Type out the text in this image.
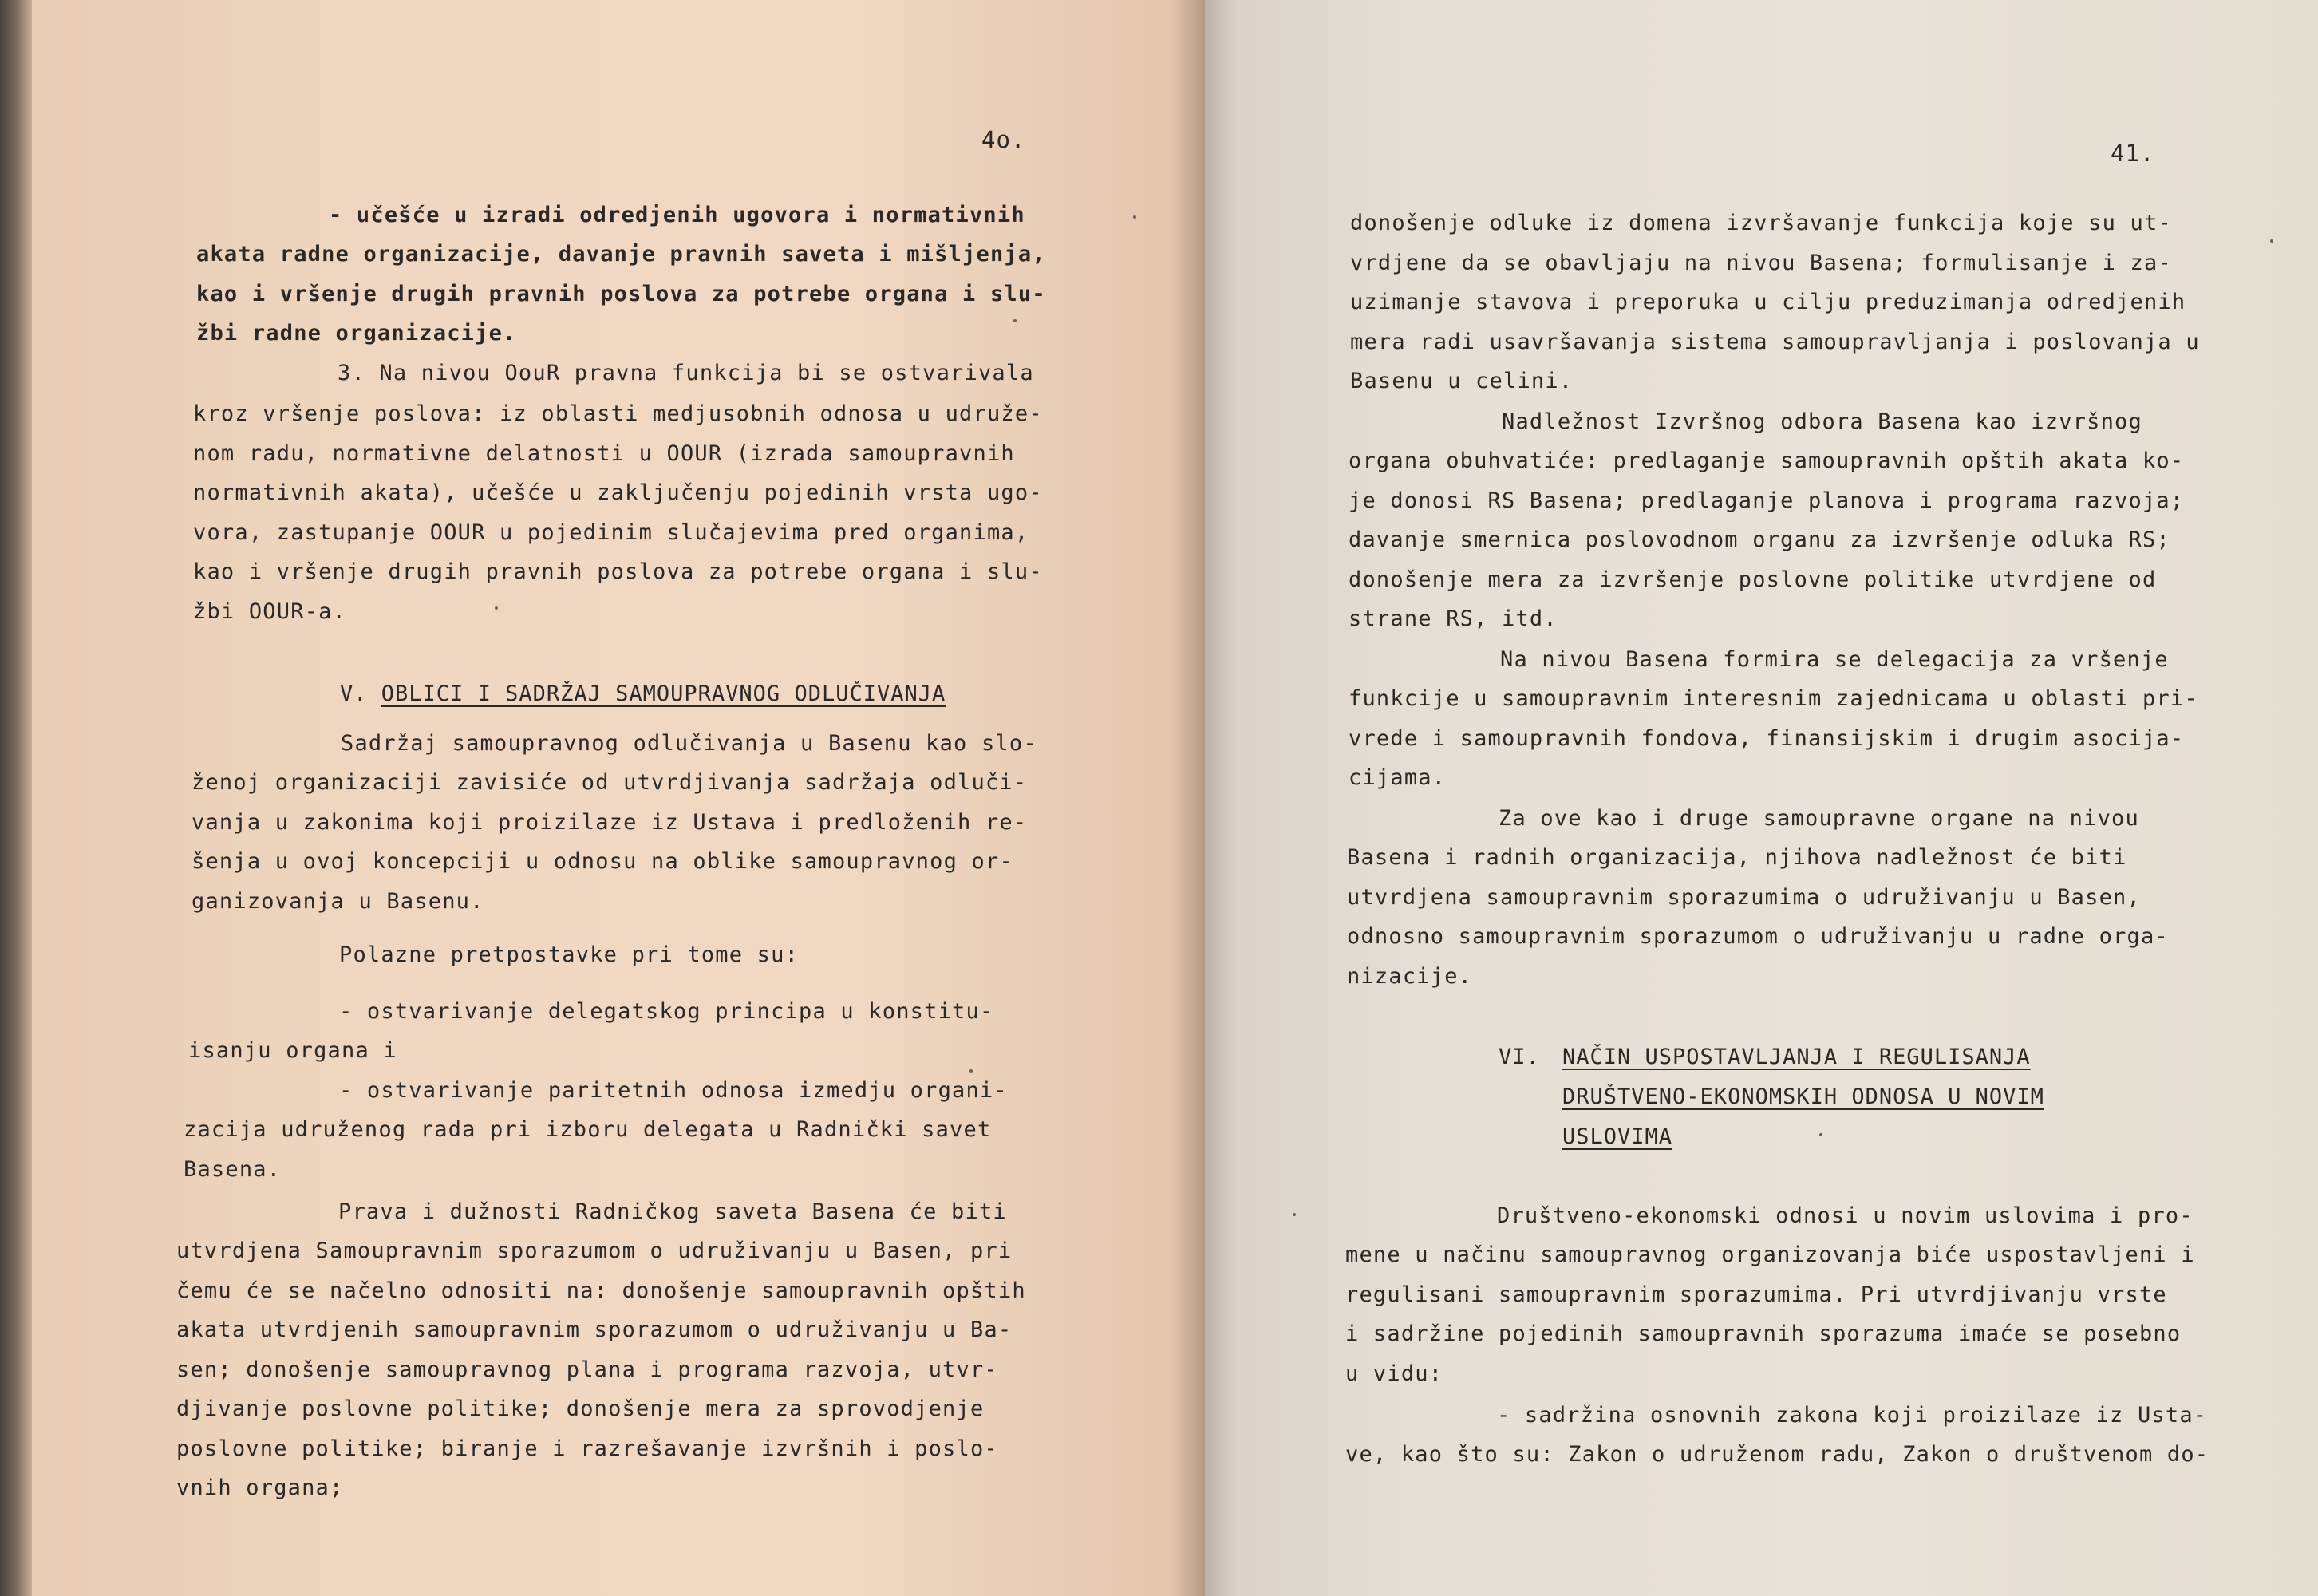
4o.
- učešće u izradi odredjenih ugovora i normativnih
akata radne organizacije, davanje pravnih saveta i mišljenja,
kao i vršenje drugih pravnih poslova za potrebe organa i slu-
žbi radne organizacije.
3. Na nivou OouR pravna funkcija bi se ostvarivala
kroz vršenje poslova: iz oblasti medjusobnih odnosa u udruže-
nom radu, normativne delatnosti u OOUR (izrada samoupravnih
normativnih akata), učešće u zaključenju pojedinih vrsta ugo-
vora, zastupanje OOUR u pojedinim slučajevima pred organima,
kao i vršenje drugih pravnih poslova za potrebe organa i slu-
žbi OOUR-a.
V. OBLICI I SADRŽAJ SAMOUPRAVNOG ODLUČIVANJA
Sadržaj samoupravnog odlučivanja u Basenu kao slo-
ženoj organizaciji zavisiće od utvrdjivanja sadržaja odluči-
vanja u zakonima koji proizilaze iz Ustava i predloženih re-
šenja u ovoj koncepciji u odnosu na oblike samoupravnog or-
ganizovanja u Basenu.
Polazne pretpostavke pri tome su:
- ostvarivanje delegatskog principa u konstitu-
isanju organa i
- ostvarivanje paritetnih odnosa izmedju organi-
zacija udruženog rada pri izboru delegata u Radnički savet
Basena.
Prava i dužnosti Radničkog saveta Basena će biti
utvrdjena Samoupravnim sporazumom o udruživanju u Basen, pri
čemu će se načelno odnositi na: donošenje samoupravnih opštih
akata utvrdjenih samoupravnim sporazumom o udruživanju u Ba-
sen; donošenje samoupravnog plana i programa razvoja, utvr-
djivanje poslovne politike; donošenje mera za sprovodjenje
poslovne politike; biranje i razrešavanje izvršnih i poslo-
vnih organa;
41.
donošenje odluke iz domena izvršavanje funkcija koje su ut-
vrdjene da se obavljaju na nivou Basena; formulisanje i za-
uzimanje stavova i preporuka u cilju preduzimanja odredjenih
mera radi usavršavanja sistema samoupravljanja i poslovanja u
Basenu u celini.
Nadležnost Izvršnog odbora Basena kao izvršnog
organa obuhvatiće: predlaganje samoupravnih opštih akata ko-
je donosi RS Basena; predlaganje planova i programa razvoja;
davanje smernica poslovodnom organu za izvršenje odluka RS;
donošenje mera za izvršenje poslovne politike utvrdjene od
strane RS, itd.
Na nivou Basena formira se delegacija za vršenje
funkcije u samoupravnim interesnim zajednicama u oblasti pri-
vrede i samoupravnih fondova, finansijskim i drugim asocija-
cijama.
Za ove kao i druge samoupravne organe na nivou
Basena i radnih organizacija, njihova nadležnost će biti
utvrdjena samoupravnim sporazumima o udruživanju u Basen,
odnosno samoupravnim sporazumom o udruživanju u radne orga-
nizacije.
VI. NAČIN USPOSTAVLJANJA I REGULISANJA
DRUŠTVENO-EKONOMSKIH ODNOSA U NOVIM
USLOVIMA
Društveno-ekonomski odnosi u novim uslovima i pro-
mene u načinu samoupravnog organizovanja biće uspostavljeni i
regulisani samoupravnim sporazumima. Pri utvrdjivanju vrste
i sadržine pojedinih samoupravnih sporazuma imaće se posebno
u vidu:
- sadržina osnovnih zakona koji proizilaze iz Usta-
ve, kao što su: Zakon o udruženom radu, Zakon o društvenom do-
